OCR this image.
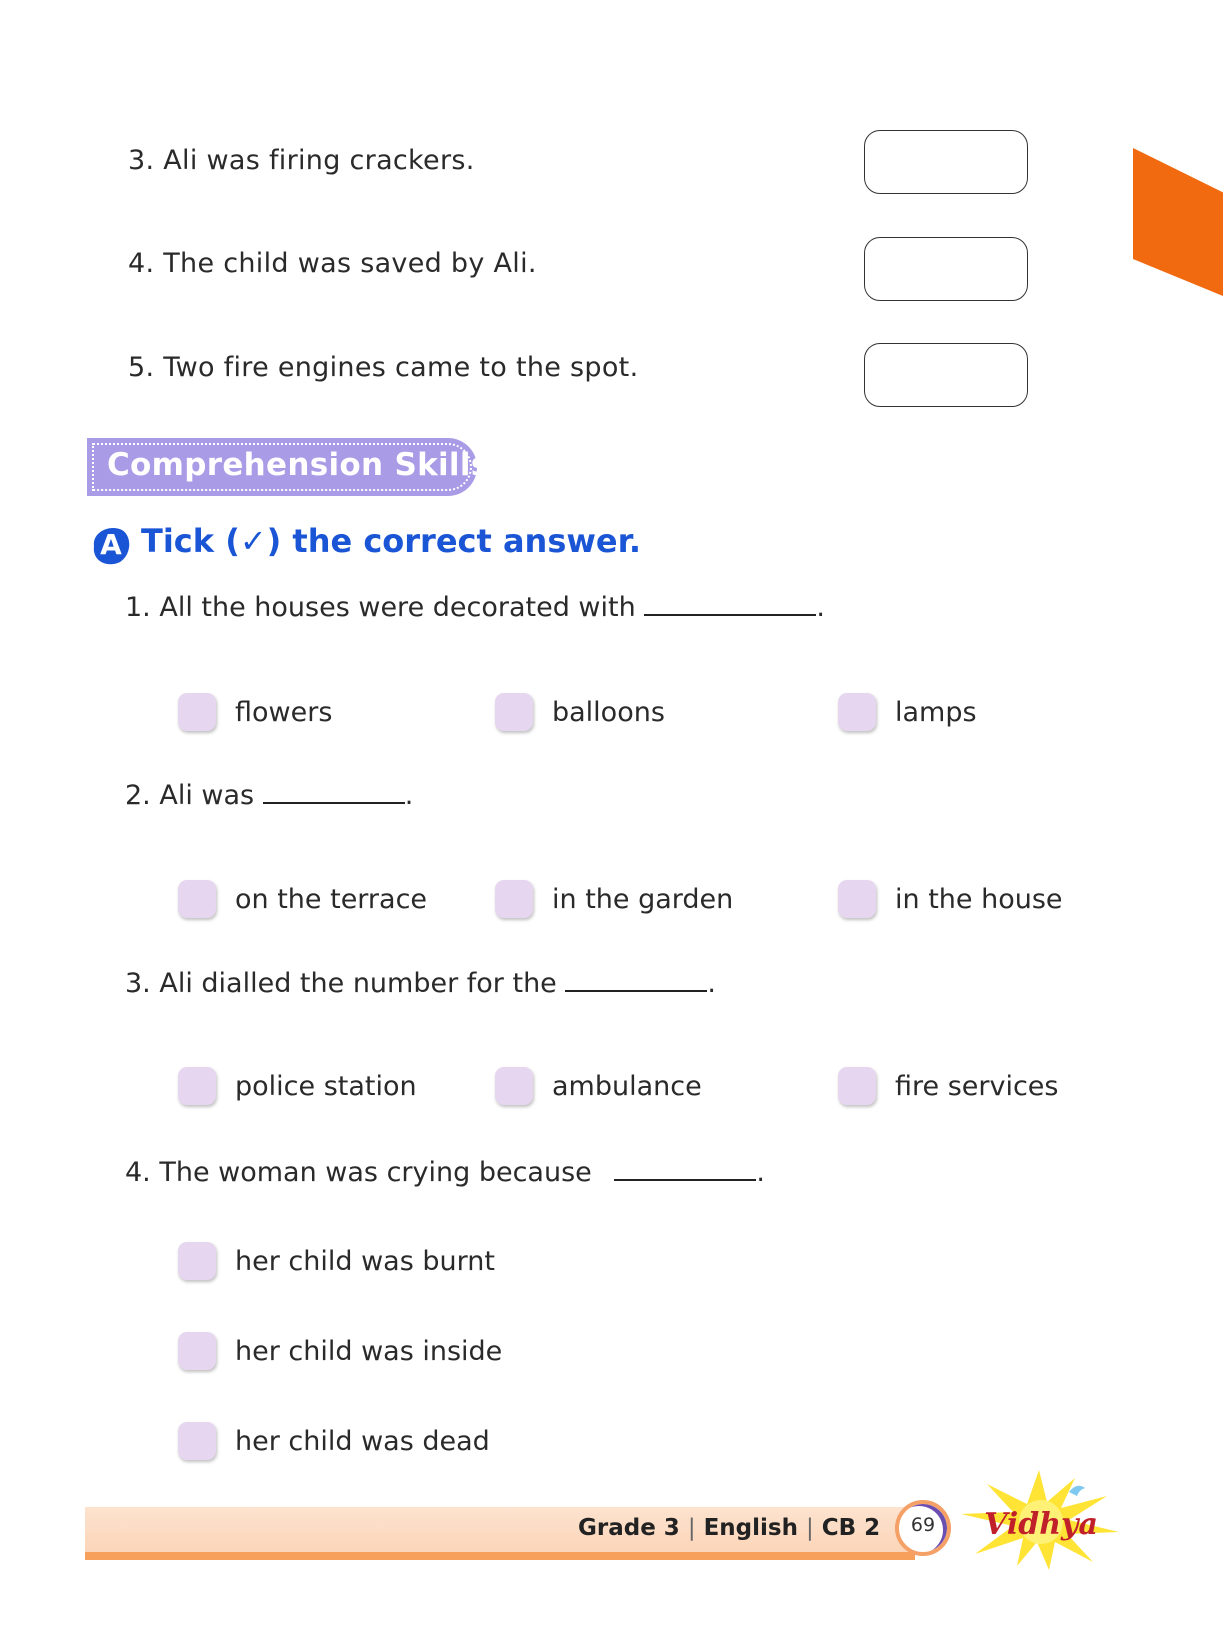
3. Ali was firing crackers.
4. The child was saved by Ali.
5. Two fire engines came to the spot.
Comprehension Skills
A Tick (✓) the correct answer.
1. All the houses were decorated with	.
flowers	balloons	lamps
2. Ali was	.
on the terrace	in the garden	in the house
3. Ali dialled the number for the	.
police station	ambulance	fire services
4. The woman was crying because	.
her child was burnt
her child was inside
her child was dead
Grade 3 | English | CB 2	69	Vidhya
